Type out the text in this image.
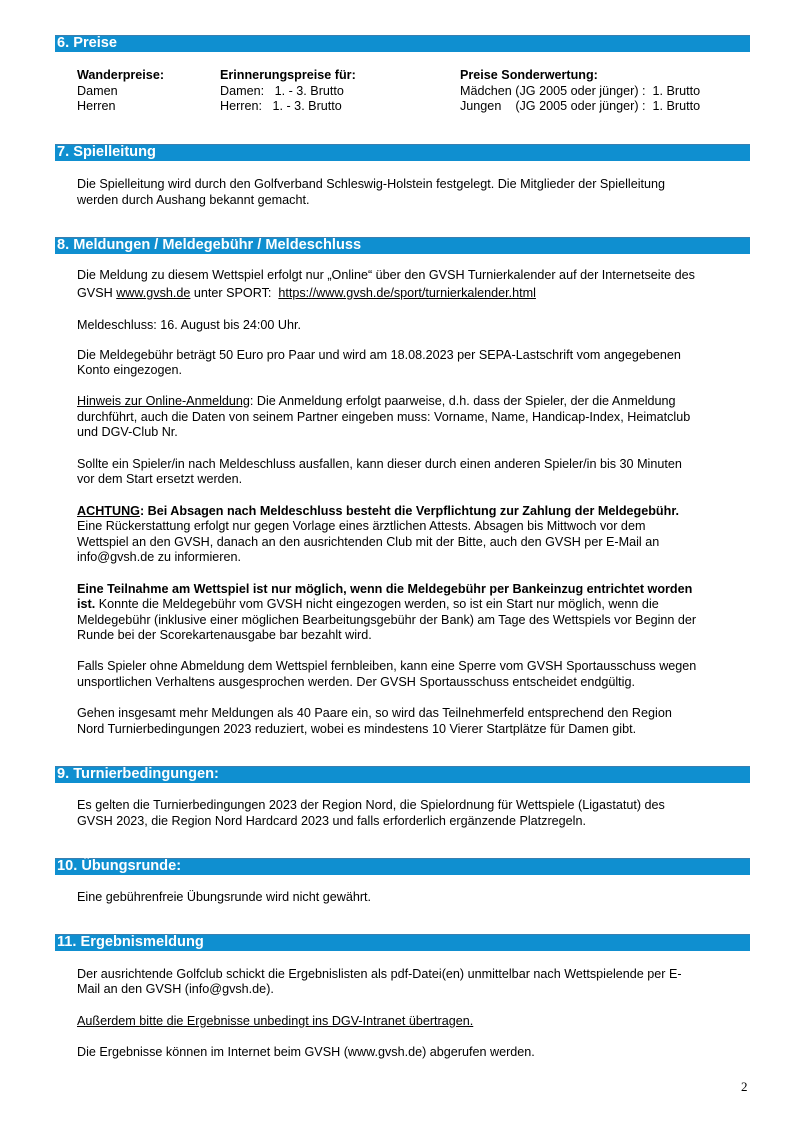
6. Preise
Wanderpreise:
Damen
Herren
Erinnerungspreise für:
Damen:   1. - 3. Brutto
Herren:   1. - 3. Brutto
Preise Sonderwertung:
Mädchen (JG 2005 oder jünger) :  1. Brutto
Jungen    (JG 2005 oder jünger) :  1. Brutto
7. Spielleitung
Die Spielleitung wird durch den Golfverband Schleswig-Holstein festgelegt. Die Mitglieder der Spielleitung
werden durch Aushang bekannt gemacht.
8. Meldungen / Meldegebühr / Meldeschluss
Die Meldung zu diesem Wettspiel erfolgt nur „Online“ über den GVSH Turnierkalender auf der Internetseite des
GVSH www.gvsh.de unter SPORT:  https://www.gvsh.de/sport/turnierkalender.html
Meldeschluss: 16. August bis 24:00 Uhr.
Die Meldegebühr beträgt 50 Euro pro Paar und wird am 18.08.2023 per SEPA-Lastschrift vom angegebenen
Konto eingezogen.
Hinweis zur Online-Anmeldung: Die Anmeldung erfolgt paarweise, d.h. dass der Spieler, der die Anmeldung
durchführt, auch die Daten von seinem Partner eingeben muss: Vorname, Name, Handicap-Index, Heimatclub
und DGV-Club Nr.
Sollte ein Spieler/in nach Meldeschluss ausfallen, kann dieser durch einen anderen Spieler/in bis 30 Minuten
vor dem Start ersetzt werden.
ACHTUNG: Bei Absagen nach Meldeschluss besteht die Verpflichtung zur Zahlung der Meldegebühr.
Eine Rückerstattung erfolgt nur gegen Vorlage eines ärztlichen Attests. Absagen bis Mittwoch vor dem
Wettspiel an den GVSH, danach an den ausrichtenden Club mit der Bitte, auch den GVSH per E-Mail an
info@gvsh.de zu informieren.
Eine Teilnahme am Wettspiel ist nur möglich, wenn die Meldegebühr per Bankeinzug entrichtet worden
ist. Konnte die Meldegebühr vom GVSH nicht eingezogen werden, so ist ein Start nur möglich, wenn die
Meldegebühr (inklusive einer möglichen Bearbeitungsgebühr der Bank) am Tage des Wettspiels vor Beginn der
Runde bei der Scorekartenausgabe bar bezahlt wird.
Falls Spieler ohne Abmeldung dem Wettspiel fernbleiben, kann eine Sperre vom GVSH Sportausschuss wegen
unsportlichen Verhaltens ausgesprochen werden. Der GVSH Sportausschuss entscheidet endgültig.
Gehen insgesamt mehr Meldungen als 40 Paare ein, so wird das Teilnehmerfeld entsprechend den Region
Nord Turnierbedingungen 2023 reduziert, wobei es mindestens 10 Vierer Startplätze für Damen gibt.
9. Turnierbedingungen:
Es gelten die Turnierbedingungen 2023 der Region Nord, die Spielordnung für Wettspiele (Ligastatut) des
GVSH 2023, die Region Nord Hardcard 2023 und falls erforderlich ergänzende Platzregeln.
10. Übungsrunde:
Eine gebührenfreie Übungsrunde wird nicht gewährt.
11. Ergebnismeldung
Der ausrichtende Golfclub schickt die Ergebnislisten als pdf-Datei(en) unmittelbar nach Wettspielende per E-
Mail an den GVSH (info@gvsh.de).
Außerdem bitte die Ergebnisse unbedingt ins DGV-Intranet übertragen.
Die Ergebnisse können im Internet beim GVSH (www.gvsh.de) abgerufen werden.
2
